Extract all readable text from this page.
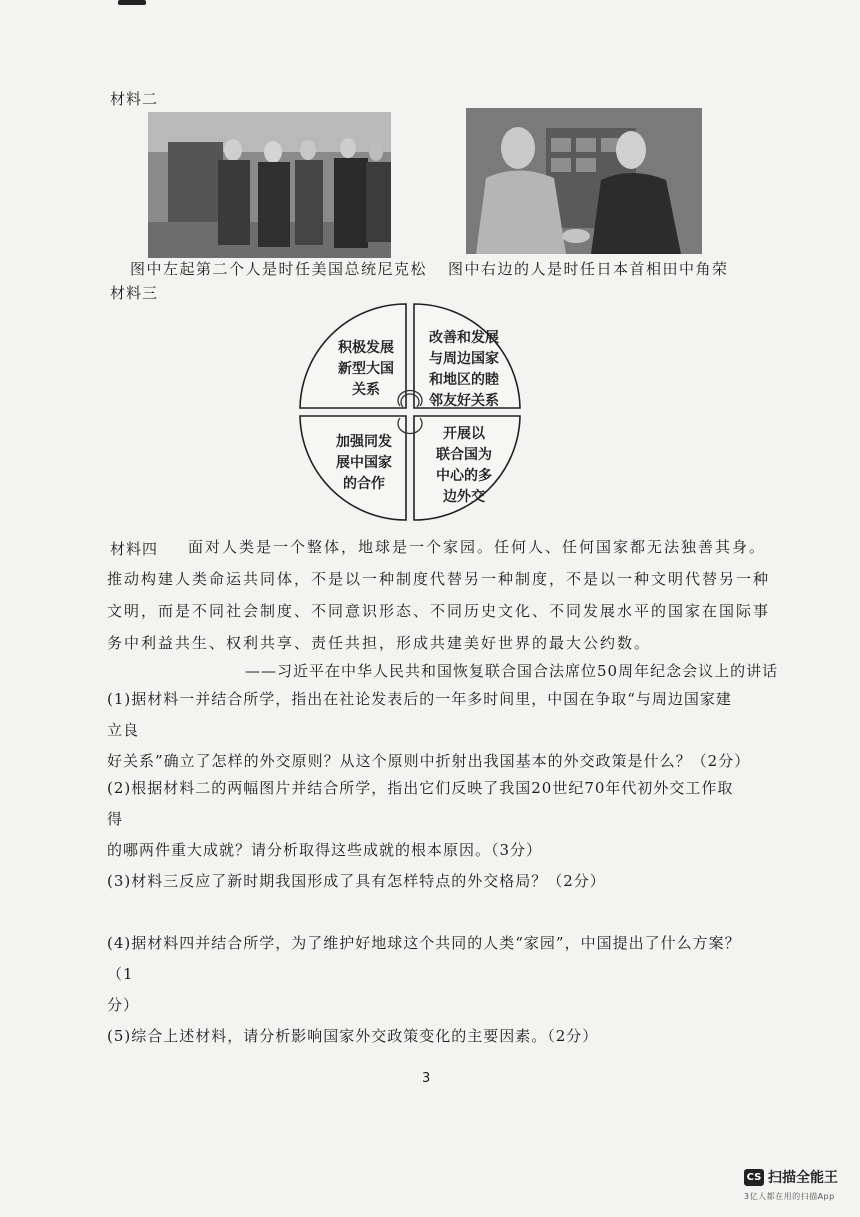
材料二
图中左起第二个人是时任美国总统尼克松 图中右边的人是时任日本首相田中角荣
材料三
积极发展
新型大国
关系
改善和发展
与周边国家
和地区的睦
邻友好关系
加强同发
展中国家
的合作
开展以
联合国为
中心的多
边外交
材料四 面对人类是一个整体，地球是一个家园。任何人、任何国家都无法独善其身。
推动构建人类命运共同体，不是以一种制度代替另一种制度，不是以一种文明代替另一种
文明，而是不同社会制度、不同意识形态、不同历史文化、不同发展水平的国家在国际事
务中利益共生、权利共享、责任共担，形成共建美好世界的最大公约数。
——习近平在中华人民共和国恢复联合国合法席位50周年纪念会议上的讲话
(1)据材料一并结合所学，指出在社论发表后的一年多时间里，中国在争取“与周边国家建立良
好关系”确立了怎样的外交原则？从这个原则中折射出我国基本的外交政策是什么？（2分）
(2)根据材料二的两幅图片并结合所学，指出它们反映了我国20世纪70年代初外交工作取得
的哪两件重大成就？请分析取得这些成就的根本原因。（3分）
(3)材料三反应了新时期我国形成了具有怎样特点的外交格局？（2分）
(4)据材料四并结合所学，为了维护好地球这个共同的人类“家园”，中国提出了什么方案？（1
分）
(5)综合上述材料，请分析影响国家外交政策变化的主要因素。（2分）
3
CS 扫描全能王
3亿人都在用的扫描App
